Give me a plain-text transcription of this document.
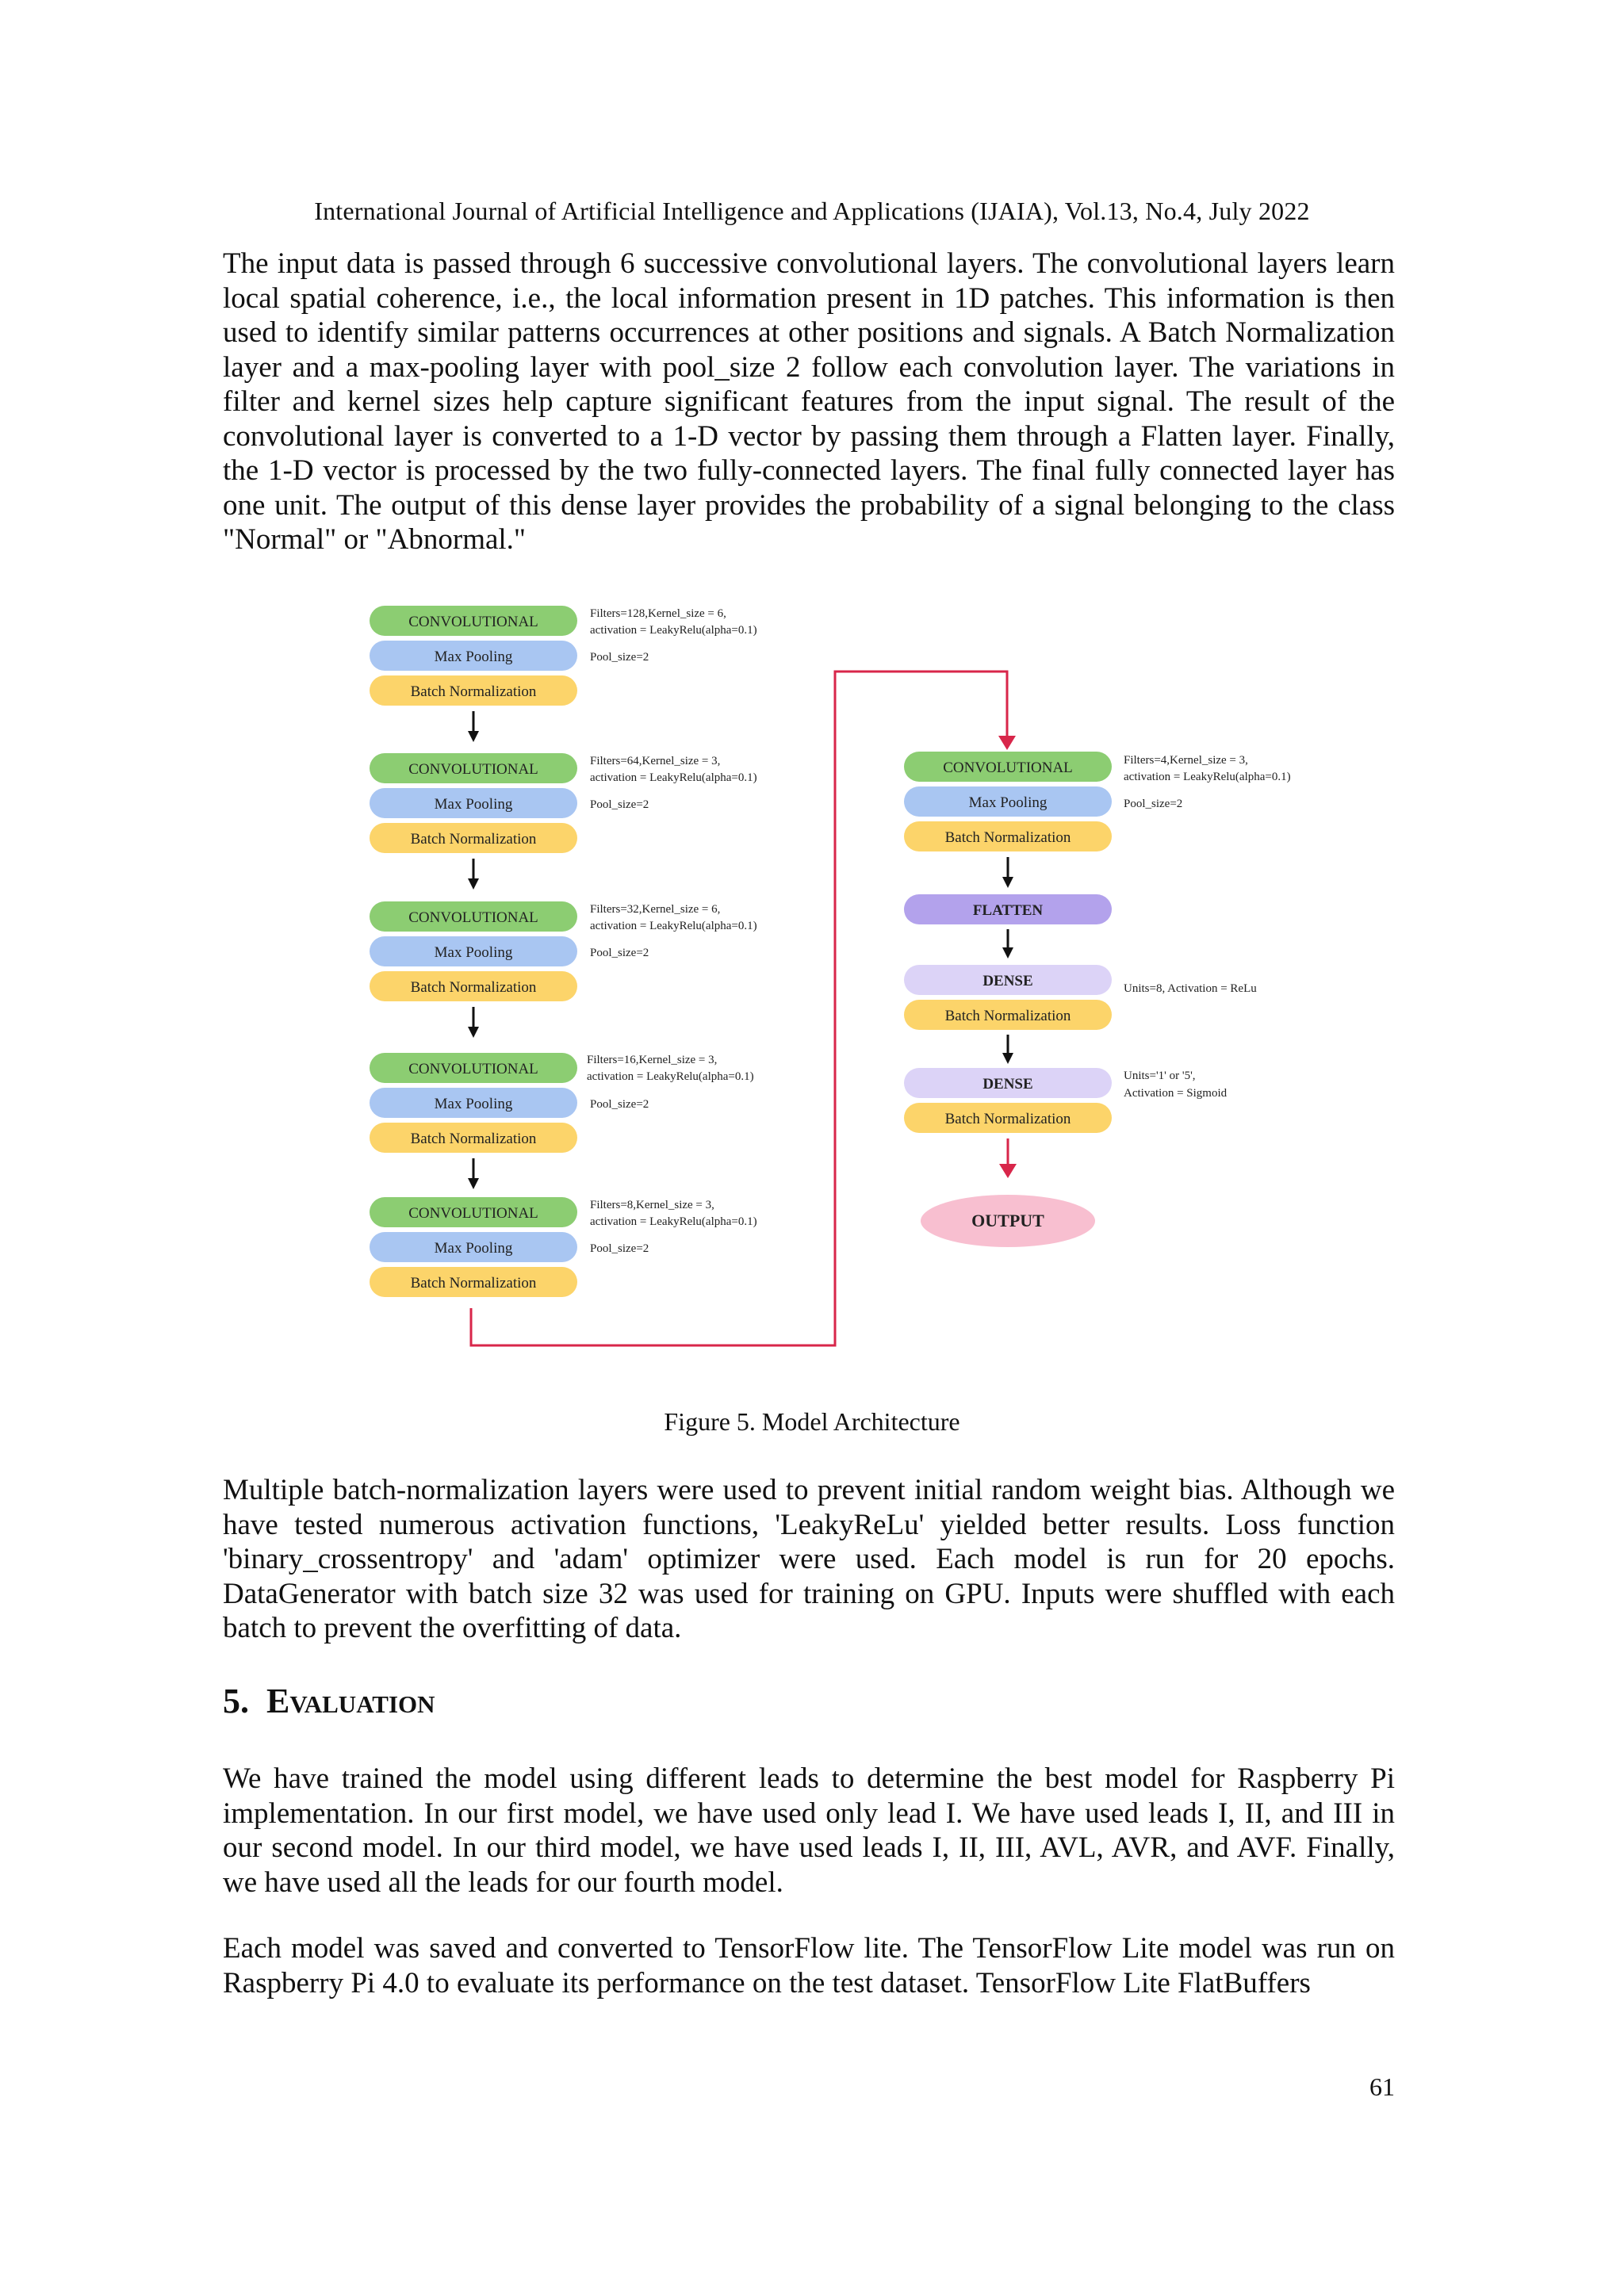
International Journal of Artificial Intelligence and Applications (IJAIA), Vol.13, No.4, July 2022
The input data is passed through 6 successive convolutional layers. The convolutional layers learn local spatial coherence, i.e., the local information present in 1D patches. This information is then used to identify similar patterns occurrences at other positions and signals. A Batch Normalization layer and a max-pooling layer with pool_size 2 follow each convolution layer. The variations in filter and kernel sizes help capture significant features from the input signal. The result of the convolutional layer is converted to a 1-D vector by passing them through a Flatten layer. Finally, the 1-D vector is processed by the two fully-connected layers. The final fully connected layer has one unit. The output of this dense layer provides the probability of a signal belonging to the class "Normal" or "Abnormal."
CONVOLUTIONAL
Max Pooling
Batch Normalization
Filters=128,Kernel_size = 6,
activation = LeakyRelu(alpha=0.1)
Pool_size=2
CONVOLUTIONAL
Max Pooling
Batch Normalization
Filters=64,Kernel_size = 3,
activation = LeakyRelu(alpha=0.1)
Pool_size=2
CONVOLUTIONAL
Max Pooling
Batch Normalization
Filters=32,Kernel_size = 6,
activation = LeakyRelu(alpha=0.1)
Pool_size=2
CONVOLUTIONAL
Max Pooling
Batch Normalization
Filters=16,Kernel_size = 3,
activation = LeakyRelu(alpha=0.1)
Pool_size=2
CONVOLUTIONAL
Max Pooling
Batch Normalization
Filters=8,Kernel_size = 3,
activation = LeakyRelu(alpha=0.1)
Pool_size=2
CONVOLUTIONAL
Max Pooling
Batch Normalization
Filters=4,Kernel_size = 3,
activation = LeakyRelu(alpha=0.1)
Pool_size=2
FLATTEN
DENSE
Batch Normalization
Units=8, Activation = ReLu
DENSE
Batch Normalization
Units='1' or '5',
Activation = Sigmoid
OUTPUT
Figure 5. Model Architecture
Multiple batch-normalization layers were used to prevent initial random weight bias. Although we have tested numerous activation functions, 'LeakyReLu' yielded better results. Loss function 'binary_crossentropy' and 'adam' optimizer were used. Each model is run for 20 epochs. DataGenerator with batch size 32 was used for training on GPU. Inputs were shuffled with each batch to prevent the overfitting of data.
5. Evaluation
We have trained the model using different leads to determine the best model for Raspberry Pi implementation. In our first model, we have used only lead I. We have used leads I, II, and III in our second model. In our third model, we have used leads I, II, III, AVL, AVR, and AVF. Finally, we have used all the leads for our fourth model.
Each model was saved and converted to TensorFlow lite. The TensorFlow Lite model was run on Raspberry Pi 4.0 to evaluate its performance on the test dataset. TensorFlow Lite FlatBuffers
61
